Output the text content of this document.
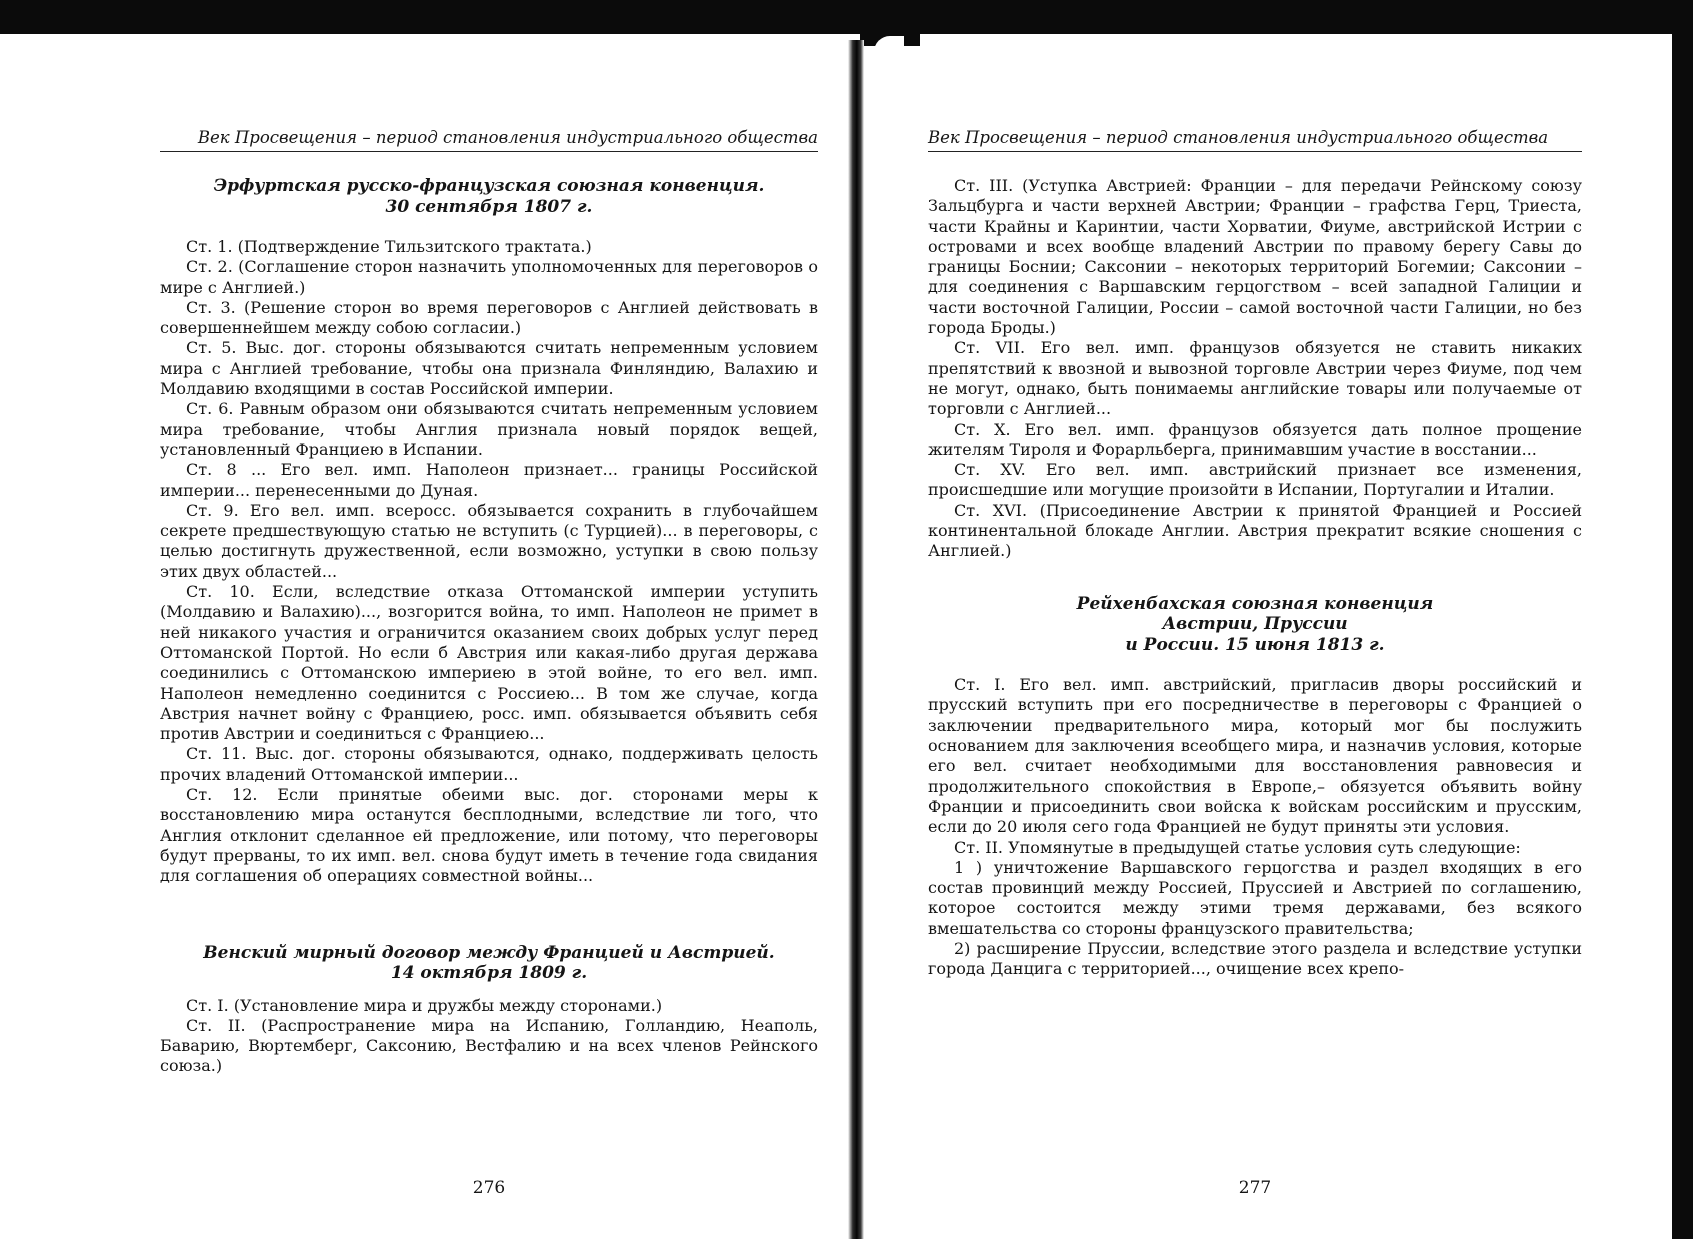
Век Просвещения – период становления индустриального общества

Эрфуртская русско-французская союзная конвенция.

30 сентября 1807 г.

Ст. 1. (Подтверждение Тильзитского трактата.)

Ст. 2. (Соглашение сторон назначить уполномоченных для переговоров о мире с Англией.)

Ст. 3. (Решение сторон во время переговоров с Англией действовать в совершеннейшем между собою согласии.)

Ст. 5. Выс. дог. стороны обязываются считать непременным условием мира с Англией требование, чтобы она признала Финляндию, Валахию и Молдавию входящими в состав Российской империи.

Ст. 6. Равным образом они обязываются считать непременным условием мира требование, чтобы Англия признала новый порядок вещей, установленный Франциею в Испании.

Ст. 8 ... Его вел. имп. Наполеон признает... границы Российской империи... перенесенными до Дуная.

Ст. 9. Его вел. имп. всеросс. обязывается сохранить в глубочайшем секрете предшествующую статью не вступить (с Турцией)... в переговоры, с целью достигнуть дружественной, если возможно, уступки в свою пользу этих двух областей...

Ст. 10. Если, вследствие отказа Оттоманской империи уступить (Молдавию и Валахию)..., возгорится война, то имп. Наполеон не примет в ней никакого участия и ограничится оказанием своих добрых услуг перед Оттоманской Портой. Но если б Австрия или какая-либо другая держава соединились с Оттоманскою империею в этой войне, то его вел. имп. Наполеон немедленно соединится с Россиею... В том же случае, когда Австрия начнет войну с Франциею, росс. имп. обязывается объявить себя против Австрии и соединиться с Франциею...

Ст. 11. Выс. дог. стороны обязываются, однако, поддерживать целость прочих владений Оттоманской империи...

Ст. 12. Если принятые обеими выс. дог. сторонами меры к восстановлению мира останутся бесплодными, вследствие ли того, что Англия отклонит сделанное ей предложение, или потому, что переговоры будут прерваны, то их имп. вел. снова будут иметь в течение года свидания для соглашения об операциях совместной войны...

Венский мирный договор между Францией и Австрией.

14 октября 1809 г.

Ст. I. (Установление мира и дружбы между сторонами.)

Ст. II. (Распространение мира на Испанию, Голландию, Неаполь, Баварию, Вюртемберг, Саксонию, Вестфалию и на всех членов Рейнского союза.)

276
Век Просвещения – период становления индустриального общества

Ст. III. (Уступка Австрией: Франции – для передачи Рейнскому союзу Зальцбурга и части верхней Австрии; Франции – графства Герц, Триеста, части Крайны и Каринтии, части Хорватии, Фиуме, австрийской Истрии с островами и всех вообще владений Австрии по правому берегу Савы до границы Боснии; Саксонии – некоторых территорий Богемии; Саксонии – для соединения с Варшавским герцогством – всей западной Галиции и части восточной Галиции, России – самой восточной части Галиции, но без города Броды.)

Ст. VII. Его вел. имп. французов обязуется не ставить никаких препятствий к ввозной и вывозной торговле Австрии через Фиуме, под чем не могут, однако, быть понимаемы английские товары или получаемые от торговли с Англией...

Ст. X. Его вел. имп. французов обязуется дать полное прощение жителям Тироля и Форарльберга, принимавшим участие в восстании...

Ст. XV. Его вел. имп. австрийский признает все изменения, происшедшие или могущие произойти в Испании, Португалии и Италии.

Ст. XVI. (Присоединение Австрии к принятой Францией и Россией континентальной блокаде Англии. Австрия прекратит всякие сношения с Англией.)

Рейхенбахская союзная конвенция

Австрии, Пруссии

и России. 15 июня 1813 г.

Ст. I. Его вел. имп. австрийский, пригласив дворы российский и прусский вступить при его посредничестве в переговоры с Францией о заключении предварительного мира, который мог бы послужить основанием для заключения всеобщего мира, и назначив условия, которые его вел. считает необходимыми для восстановления равновесия и продолжительного спокойствия в Европе,– обязуется объявить войну Франции и присоединить свои войска к войскам российским и прусским, если до 20 июля сего года Францией не будут приняты эти условия.

Ст. II. Упомянутые в предыдущей статье условия суть следующие:

1 ) уничтожение Варшавского герцогства и раздел входящих в его состав провинций между Россией, Пруссией и Австрией по соглашению, которое состоится между этими тремя державами, без всякого вмешательства со стороны французского правительства;

2) расширение Пруссии, вследствие этого раздела и вследствие уступки города Данцига с территорией..., очищение всех крепо-

277
